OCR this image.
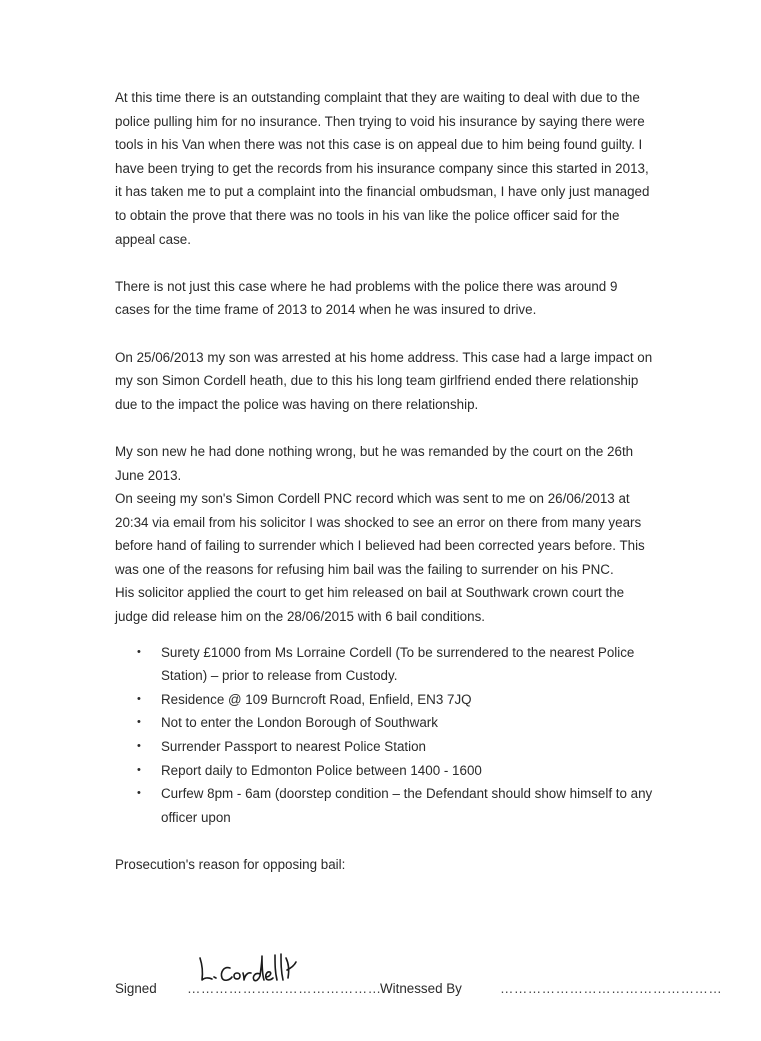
At this time there is an outstanding complaint that they are waiting to deal with due to the police pulling him for no insurance. Then trying to void his insurance by saying there were tools in his Van when there was not this case is on appeal due to him being found guilty. I have been trying to get the records from his insurance company since this started in 2013, it has taken me to put a complaint into the financial ombudsman, I have only just managed to obtain the prove that there was no tools in his van like the police officer said for the appeal case.

There is not just this case where he had problems with the police there was around 9 cases for the time frame of 2013 to 2014 when he was insured to drive.

On 25/06/2013 my son was arrested at his home address. This case had a large impact on my son Simon Cordell heath, due to this his long team girlfriend ended there relationship due to the impact the police was having on there relationship.

My son new he had done nothing wrong, but he was remanded by the court on the 26th June 2013.

On seeing my son's Simon Cordell PNC record which was sent to me on 26/06/2013 at 20:34 via email from his solicitor I was shocked to see an error on there from many years before hand of failing to surrender which I believed had been corrected years before. This was one of the reasons for refusing him bail was the failing to surrender on his PNC.

His solicitor applied the court to get him released on bail at Southwark crown court the judge did release him on the 28/06/2015 with 6 bail conditions.

• Surety £1000 from Ms Lorraine Cordell (To be surrendered to the nearest Police Station) – prior to release from Custody.
• Residence @ 109 Burncroft Road, Enfield, EN3 7JQ
• Not to enter the London Borough of Southwark
• Surrender Passport to nearest Police Station
• Report daily to Edmonton Police between 1400 - 1600
• Curfew 8pm - 6am (doorstep condition – the Defendant should show himself to any officer upon

Prosecution's reason for opposing bail:

Signed ……………………………………
Witnessed By	…………………………………………
